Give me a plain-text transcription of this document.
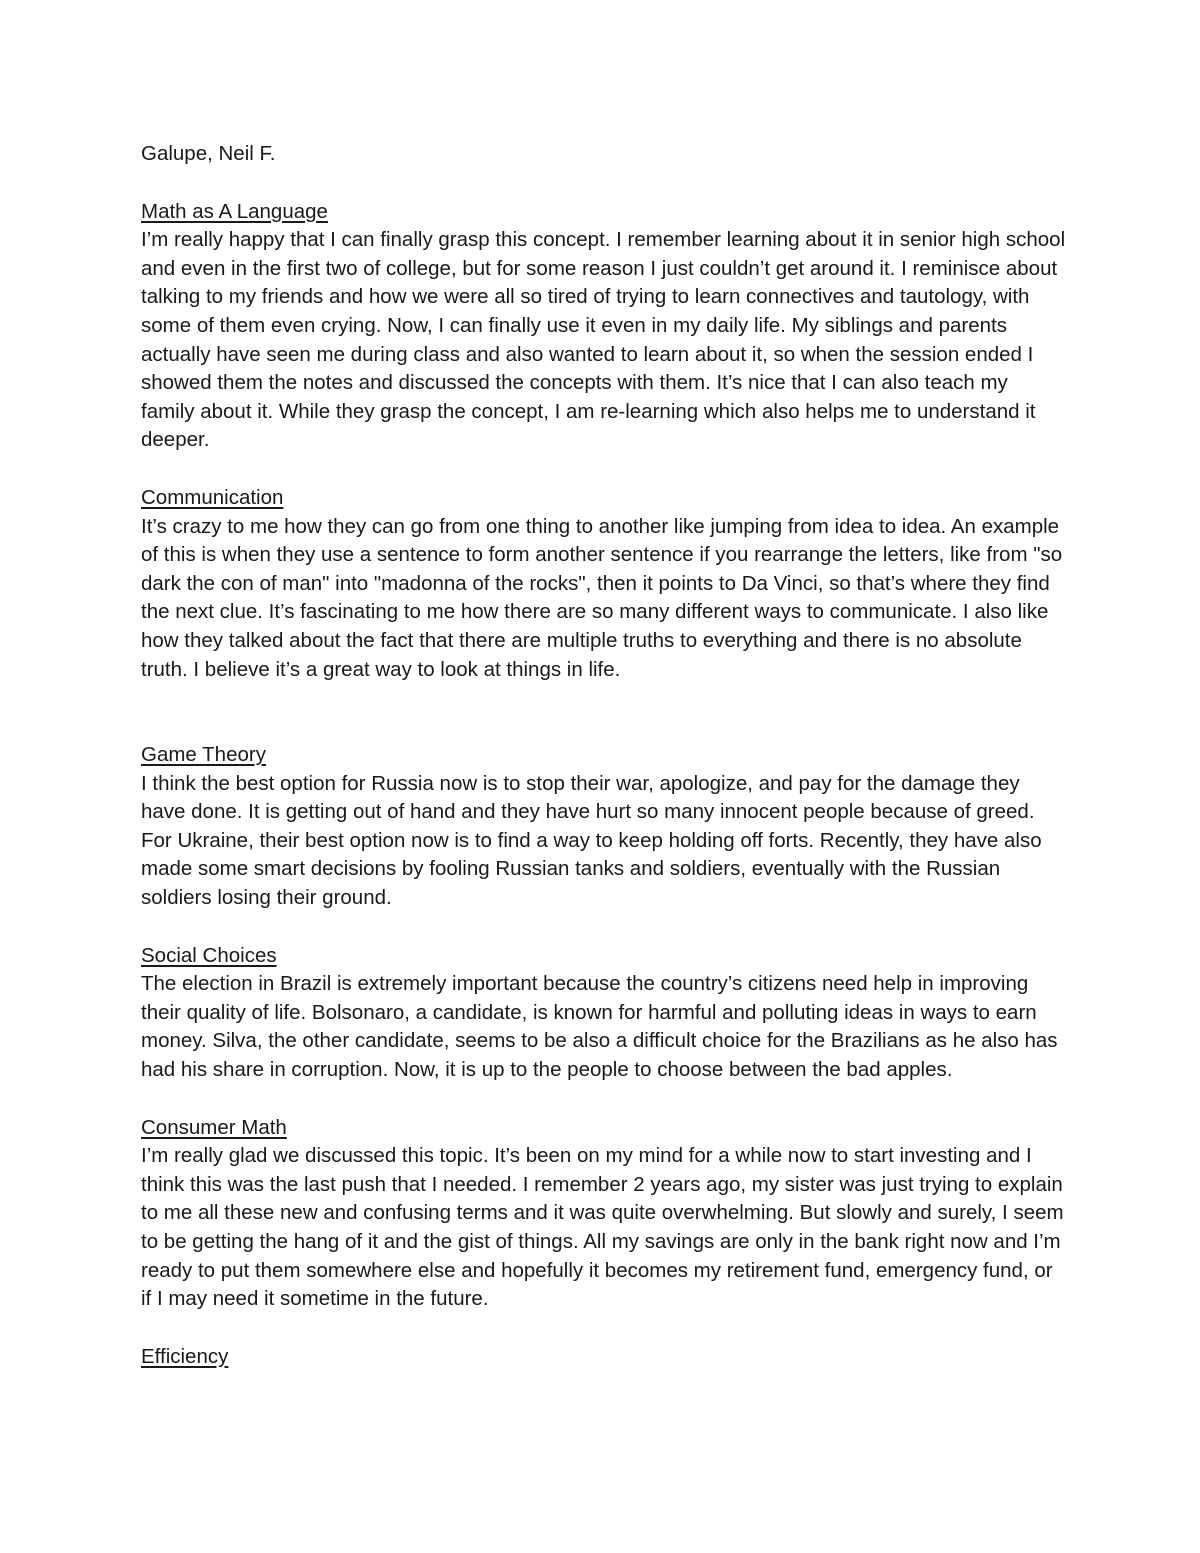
Galupe, Neil F.

Math as A Language

I’m really happy that I can finally grasp this concept. I remember learning about it in senior high school and even in the first two of college, but for some reason I just couldn’t get around it. I reminisce about talking to my friends and how we were all so tired of trying to learn connectives and tautology, with some of them even crying. Now, I can finally use it even in my daily life. My siblings and parents actually have seen me during class and also wanted to learn about it, so when the session ended I showed them the notes and discussed the concepts with them. It’s nice that I can also teach my family about it. While they grasp the concept, I am re-learning which also helps me to understand it deeper.

Communication

It’s crazy to me how they can go from one thing to another like jumping from idea to idea. An example of this is when they use a sentence to form another sentence if you rearrange the letters, like from "so dark the con of man" into "madonna of the rocks", then it points to Da Vinci, so that’s where they find the next clue. It’s fascinating to me how there are so many different ways to communicate. I also like how they talked about the fact that there are multiple truths to everything and there is no absolute truth. I believe it’s a great way to look at things in life.

Game Theory

I think the best option for Russia now is to stop their war, apologize, and pay for the damage they have done. It is getting out of hand and they have hurt so many innocent people because of greed. For Ukraine, their best option now is to find a way to keep holding off forts. Recently, they have also made some smart decisions by fooling Russian tanks and soldiers, eventually with the Russian soldiers losing their ground.

Social Choices

The election in Brazil is extremely important because the country’s citizens need help in improving their quality of life. Bolsonaro, a candidate, is known for harmful and polluting ideas in ways to earn money. Silva, the other candidate, seems to be also a difficult choice for the Brazilians as he also has had his share in corruption. Now, it is up to the people to choose between the bad apples.

Consumer Math

I’m really glad we discussed this topic. It’s been on my mind for a while now to start investing and I think this was the last push that I needed. I remember 2 years ago, my sister was just trying to explain to me all these new and confusing terms and it was quite overwhelming. But slowly and surely, I seem to be getting the hang of it and the gist of things. All my savings are only in the bank right now and I’m ready to put them somewhere else and hopefully it becomes my retirement fund, emergency fund, or if I may need it sometime in the future.

Efficiency
